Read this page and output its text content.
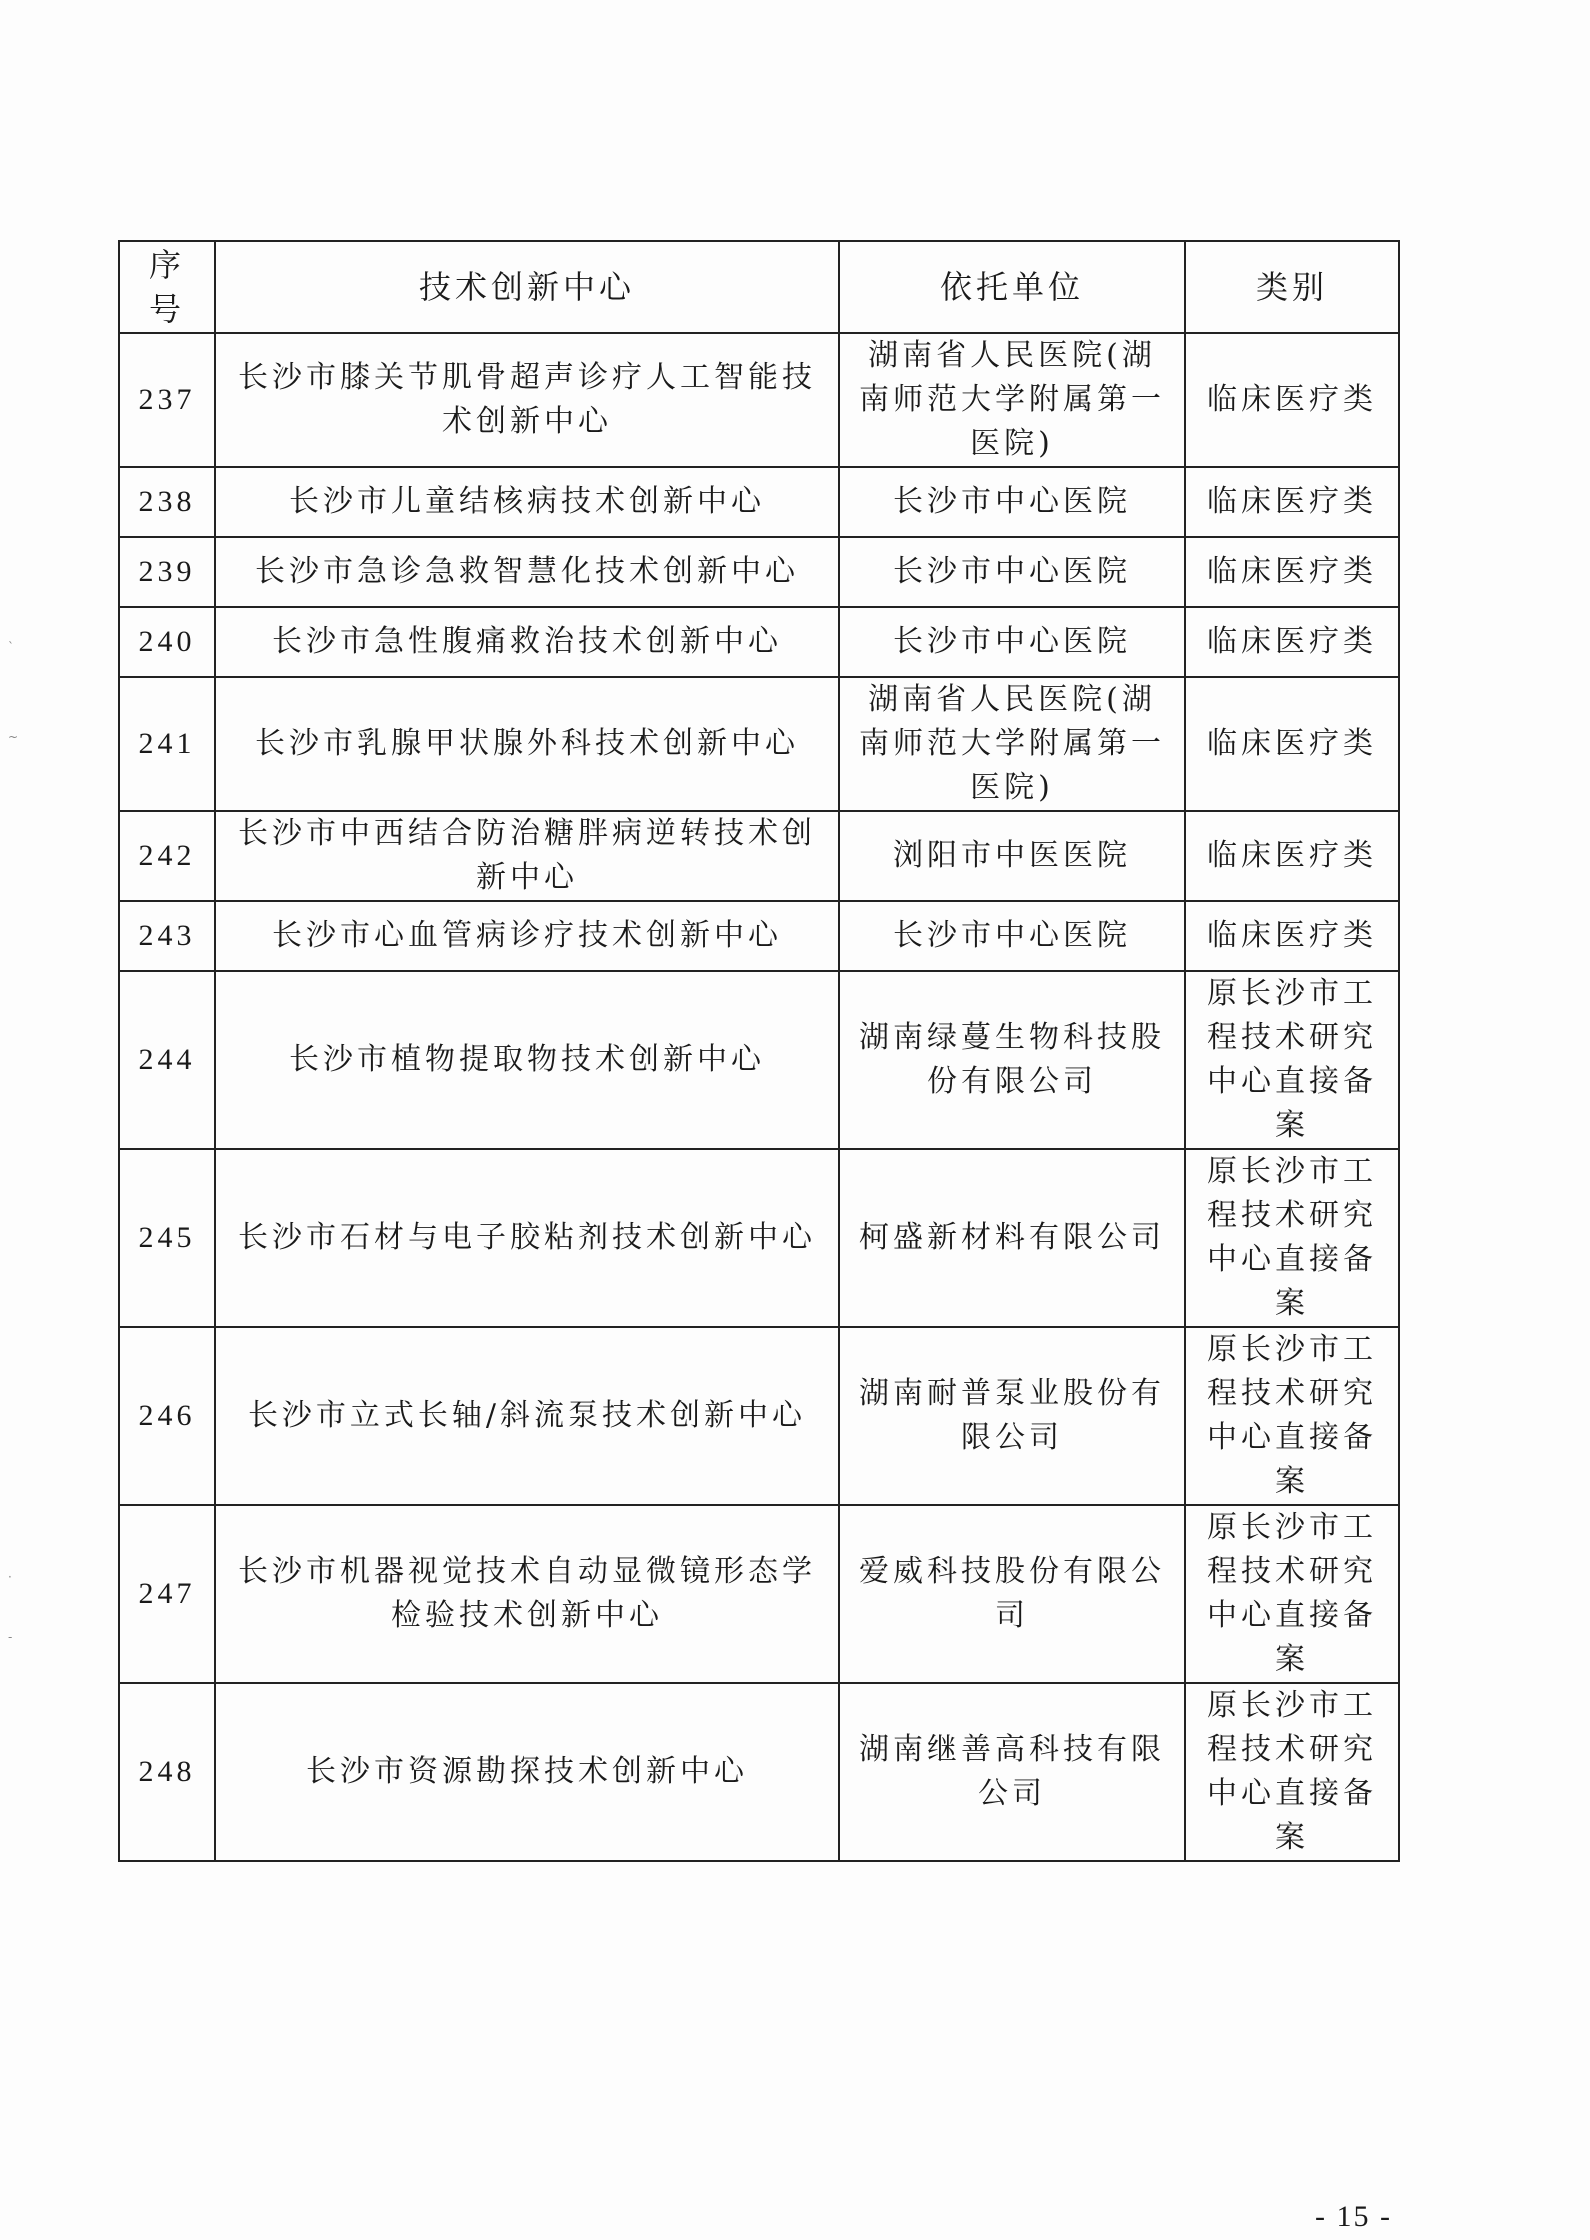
序号	技术创新中心	依托单位	类别
237	长沙市膝关节肌骨超声诊疗人工智能技术创新中心	湖南省人民医院(湖南师范大学附属第一医院)	临床医疗类
238	长沙市儿童结核病技术创新中心	长沙市中心医院	临床医疗类
239	长沙市急诊急救智慧化技术创新中心	长沙市中心医院	临床医疗类
240	长沙市急性腹痛救治技术创新中心	长沙市中心医院	临床医疗类
241	长沙市乳腺甲状腺外科技术创新中心	湖南省人民医院(湖南师范大学附属第一医院)	临床医疗类
242	长沙市中西结合防治糖胖病逆转技术创新中心	浏阳市中医医院	临床医疗类
243	长沙市心血管病诊疗技术创新中心	长沙市中心医院	临床医疗类
244	长沙市植物提取物技术创新中心	湖南绿蔓生物科技股份有限公司	原长沙市工程技术研究中心直接备案
245	长沙市石材与电子胶粘剂技术创新中心	柯盛新材料有限公司	原长沙市工程技术研究中心直接备案
246	长沙市立式长轴/斜流泵技术创新中心	湖南耐普泵业股份有限公司	原长沙市工程技术研究中心直接备案
247	长沙市机器视觉技术自动显微镜形态学检验技术创新中心	爱威科技股份有限公司	原长沙市工程技术研究中心直接备案
248	长沙市资源勘探技术创新中心	湖南继善高科技有限公司	原长沙市工程技术研究中心直接备案
- 15 -
ˋ
~
·
-
